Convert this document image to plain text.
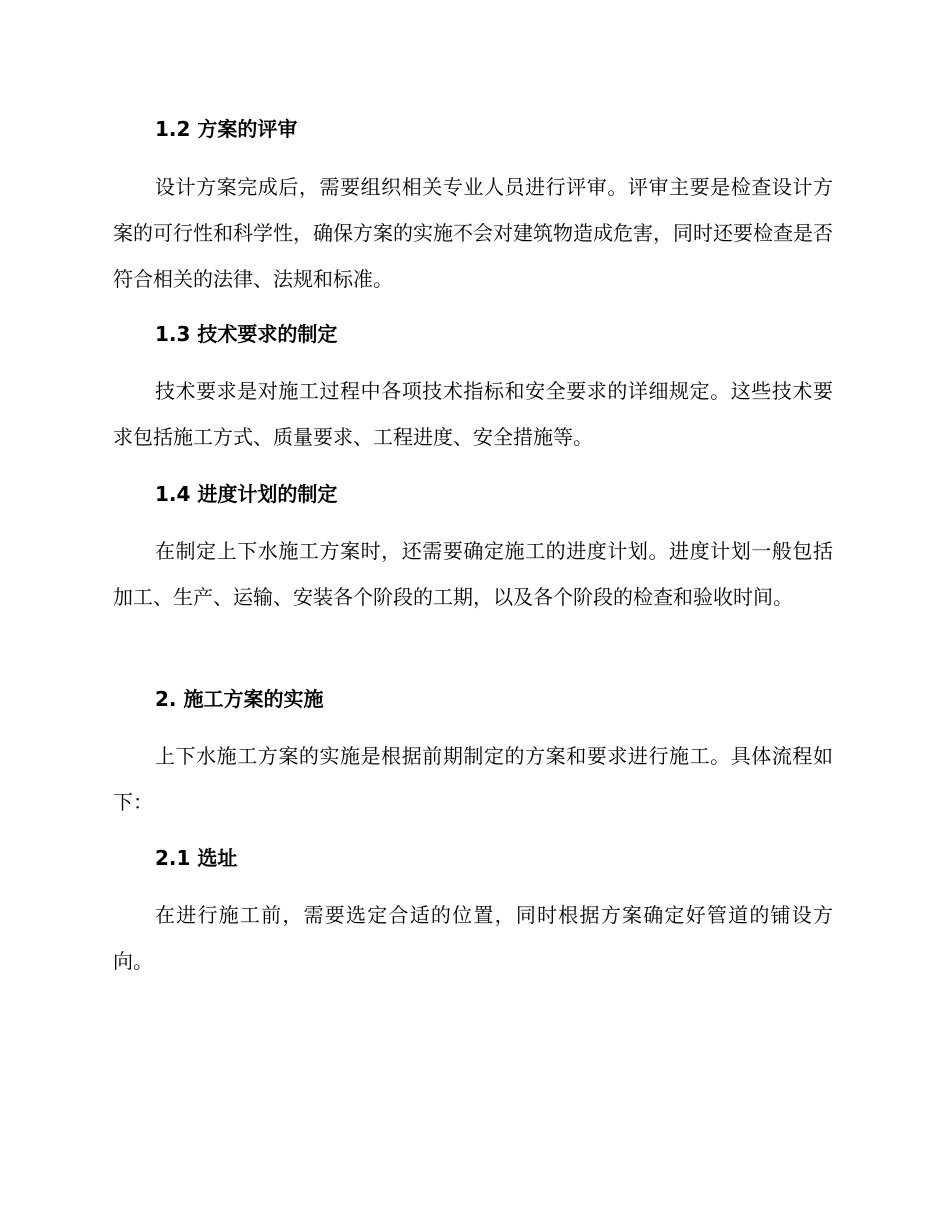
1.2 方案的评审

设计方案完成后，需要组织相关专业人员进行评审。评审主要是检查设计方案的可行性和科学性，确保方案的实施不会对建筑物造成危害，同时还要检查是否符合相关的法律、法规和标准。

1.3 技术要求的制定

技术要求是对施工过程中各项技术指标和安全要求的详细规定。这些技术要求包括施工方式、质量要求、工程进度、安全措施等。

1.4 进度计划的制定

在制定上下水施工方案时，还需要确定施工的进度计划。进度计划一般包括加工、生产、运输、安装各个阶段的工期，以及各个阶段的检查和验收时间。

2. 施工方案的实施

上下水施工方案的实施是根据前期制定的方案和要求进行施工。具体流程如下：

2.1 选址

在进行施工前，需要选定合适的位置，同时根据方案确定好管道的铺设方向。
